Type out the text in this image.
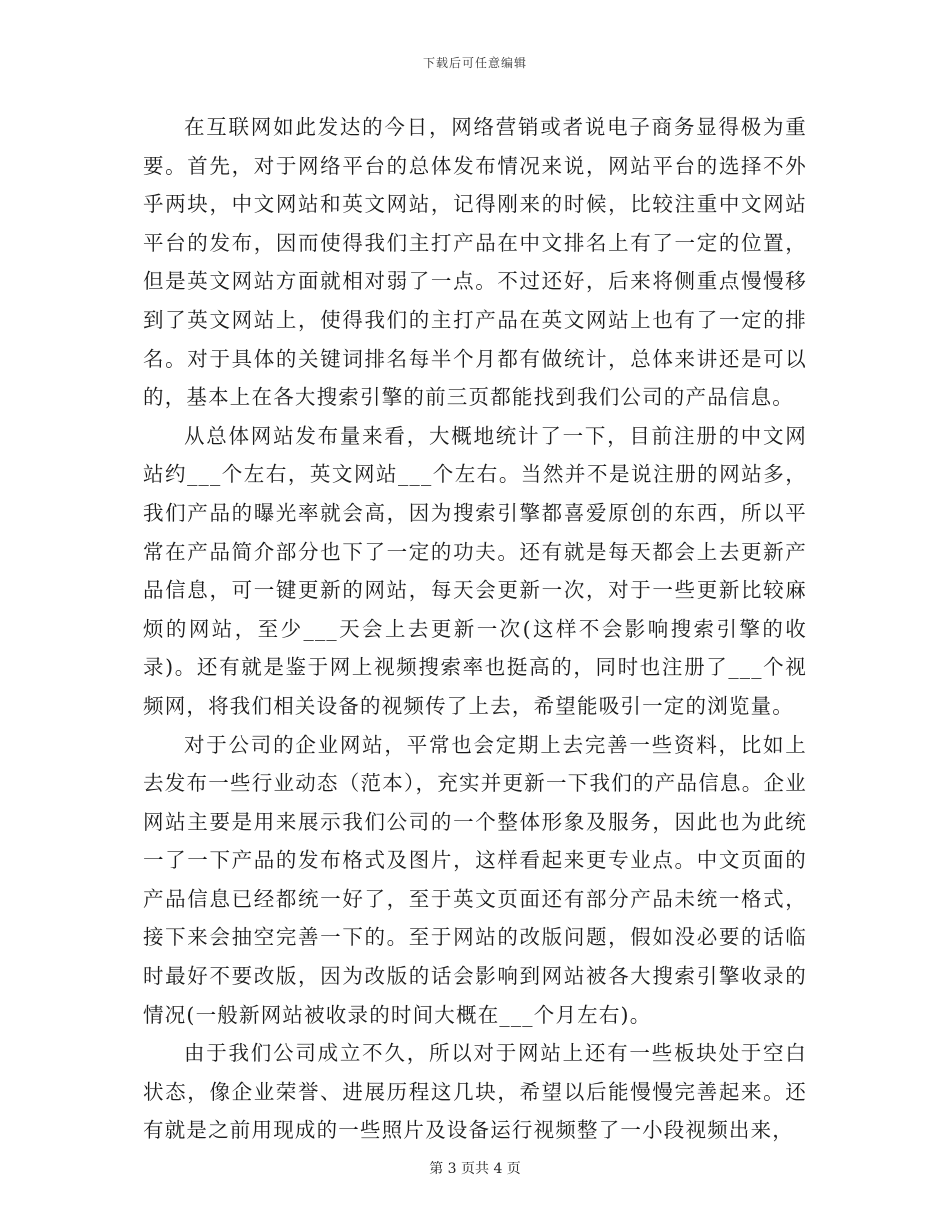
下载后可任意编辑

在互联网如此发达的今日，网络营销或者说电子商务显得极为重要。首先，对于网络平台的总体发布情况来说，网站平台的选择不外乎两块，中文网站和英文网站，记得刚来的时候，比较注重中文网站平台的发布，因而使得我们主打产品在中文排名上有了一定的位置，但是英文网站方面就相对弱了一点。不过还好，后来将侧重点慢慢移到了英文网站上，使得我们的主打产品在英文网站上也有了一定的排名。对于具体的关键词排名每半个月都有做统计，总体来讲还是可以的，基本上在各大搜索引擎的前三页都能找到我们公司的产品信息。

从总体网站发布量来看，大概地统计了一下，目前注册的中文网站约___个左右，英文网站___个左右。当然并不是说注册的网站多，我们产品的曝光率就会高，因为搜索引擎都喜爱原创的东西，所以平常在产品简介部分也下了一定的功夫。还有就是每天都会上去更新产品信息，可一键更新的网站，每天会更新一次，对于一些更新比较麻烦的网站，至少___天会上去更新一次(这样不会影响搜索引擎的收录)。还有就是鉴于网上视频搜索率也挺高的，同时也注册了___个视频网，将我们相关设备的视频传了上去，希望能吸引一定的浏览量。

对于公司的企业网站，平常也会定期上去完善一些资料，比如上去发布一些行业动态（范本），充实并更新一下我们的产品信息。企业网站主要是用来展示我们公司的一个整体形象及服务，因此也为此统一了一下产品的发布格式及图片，这样看起来更专业点。中文页面的产品信息已经都统一好了，至于英文页面还有部分产品未统一格式，接下来会抽空完善一下的。至于网站的改版问题，假如没必要的话临时最好不要改版，因为改版的话会影响到网站被各大搜索引擎收录的情况(一般新网站被收录的时间大概在___个月左右)。

由于我们公司成立不久，所以对于网站上还有一些板块处于空白状态，像企业荣誉、进展历程这几块，希望以后能慢慢完善起来。还有就是之前用现成的一些照片及设备运行视频整了一小段视频出来，

第 3 页共 4 页
